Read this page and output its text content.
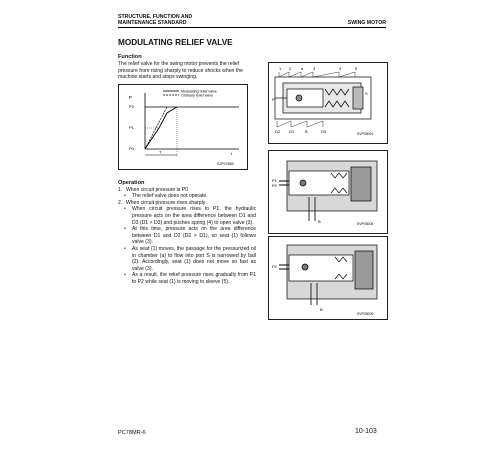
STRUCTURE, FUNCTION AND
MAINTENANCE STANDARD	SWING MOTOR
MODULATING RELIEF VALVE
Function
The relief valve for the swing motor prevents the relief pressure from rising sharply to reduce shocks when the machine starts and stops swinging.
Modulating relief valve
Ordinary relief valve
P
P2
P1
P0
T	t
SJP07884
1 2 a 3	4	5
P
S
D2 D1	B	D3	SVP03004
P1
P0
B	SVP03005
P2
B
SVP03006
Operation
1. When circuit pressure is P0
•	The relief valve does not operate.
2. When circuit pressure rises sharply
•	When circuit pressure rises to P1, the hydraulic pressure acts on the area difference between D1 and D3 (D1 > D3) and pushes spring (4) to open valve (3).
•	At this time, pressure acts on the area difference between D1 and D2 (D2 > D1), so seat (1) follows valve (3).
•	As seat (1) moves, the passage for the pressurized oil in chamber (a) to flow into port S is narrowed by ball (2). Accordingly, seat (1) does not move so fast as valve (3).
•	As a result, the relief pressure rises gradually from P1 to P2 while seat (1) is moving to sleeve (5).
PC78MR-6	10-103
